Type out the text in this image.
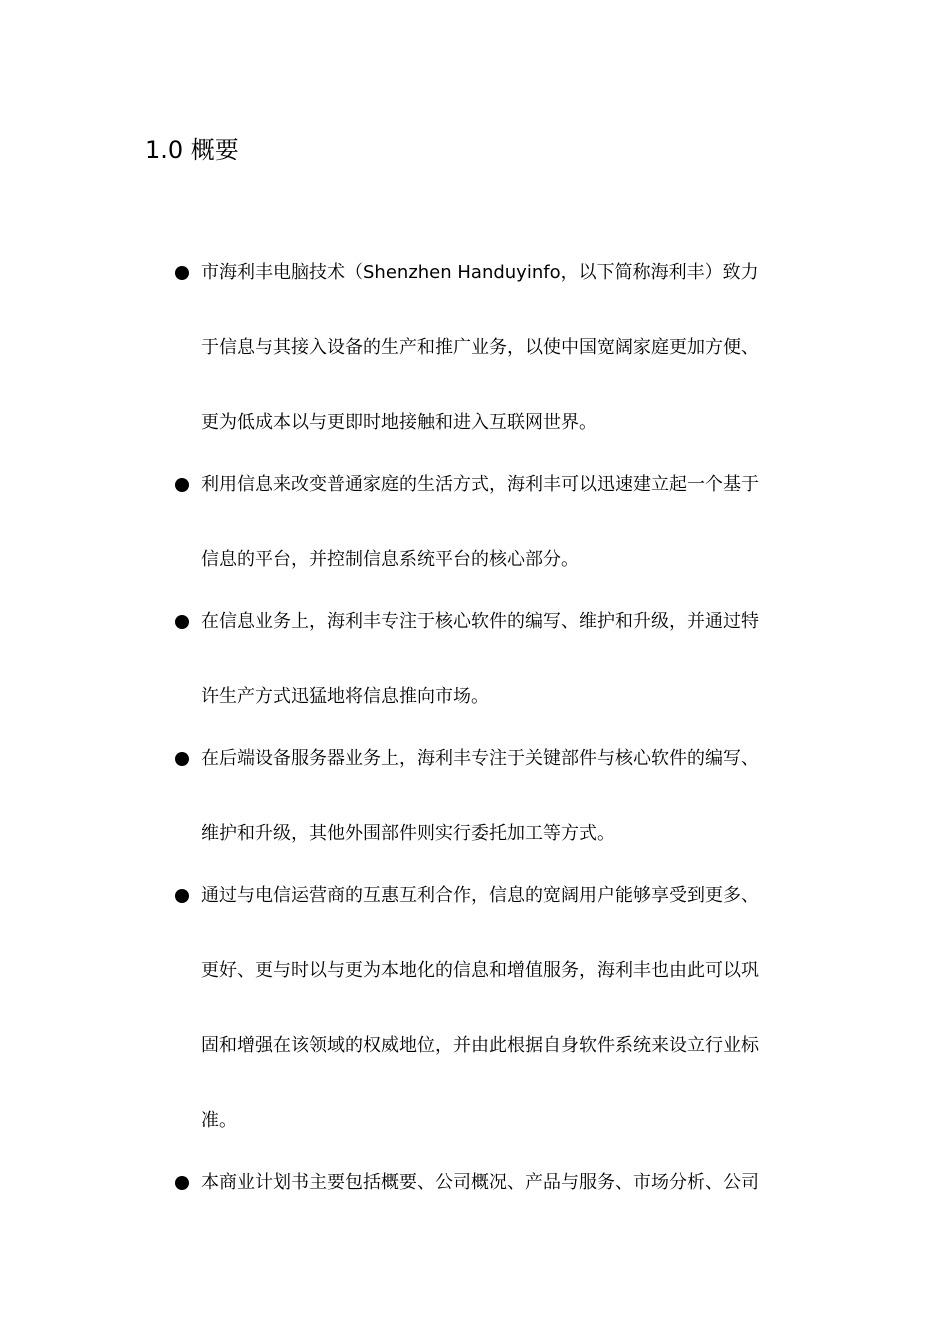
1.0 概要
市海利丰电脑技术（Shenzhen Handuyinfo，以下简称海利丰）致力
于信息与其接入设备的生产和推广业务，以使中国宽阔家庭更加方便、
更为低成本以与更即时地接触和进入互联网世界。
利用信息来改变普通家庭的生活方式，海利丰可以迅速建立起一个基于
信息的平台，并控制信息系统平台的核心部分。
在信息业务上，海利丰专注于核心软件的编写、维护和升级，并通过特
许生产方式迅猛地将信息推向市场。
在后端设备服务器业务上，海利丰专注于关键部件与核心软件的编写、
维护和升级，其他外围部件则实行委托加工等方式。
通过与电信运营商的互惠互利合作，信息的宽阔用户能够享受到更多、
更好、更与时以与更为本地化的信息和增值服务，海利丰也由此可以巩
固和增强在该领域的权威地位，并由此根据自身软件系统来设立行业标
准。
本商业计划书主要包括概要、公司概况、产品与服务、市场分析、公司
